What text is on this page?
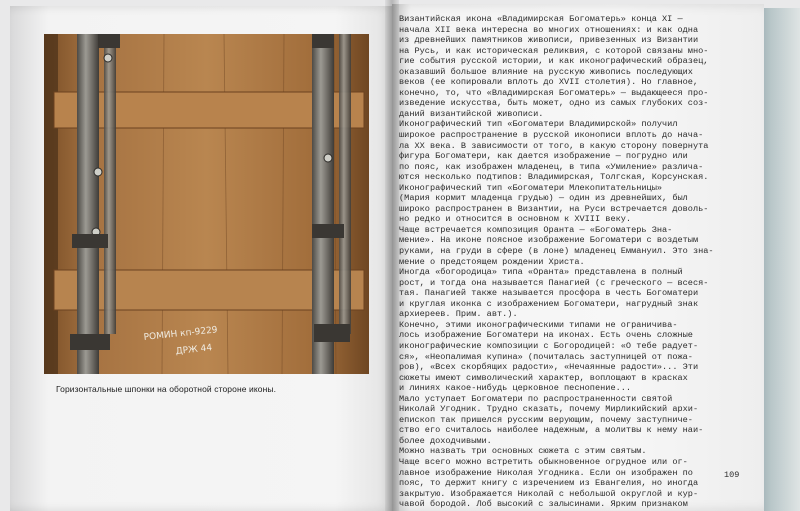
РОМИН кп-9229
ДРЖ 44
Горизонтальные шпонки на оборотной стороне иконы.
Византийская икона «Владимирская Богоматерь» конца XI —
начала XII века интересна во многих отношениях: и как одна
из древнейших памятников живописи, привезенных из Византии
на Русь, и как историческая реликвия, с которой связаны мно-
гие события русской истории, и как иконографический образец,
оказавший большое влияние на русскую живопись последующих
веков (ее копировали вплоть до XVII столетия). Но главное,
конечно, то, что «Владимирская Богоматерь» — выдающееся про-
изведение искусства, быть может, одно из самых глубоких соз-
даний византийской живописи.
Иконографический тип «Богоматери Владимирской» получил
широкое распространение в русской иконописи вплоть до нача-
ла XX века. В зависимости от того, в какую сторону повернута
фигура Богоматери, как дается изображение — погрудно или
по пояс, как изображен младенец, в типа «Умиление» различа-
ются несколько подтипов: Владимирская, Толгская, Корсунская.
Иконографический тип «Богоматери Млекопитательницы»
(Мария кормит младенца грудью) — один из древнейших, был
широко распространен в Византии, на Руси встречается доволь-
но редко и относится в основном к XVIII веку.
Чаще встречается композиция Оранта — «Богоматерь Зна-
мение». На иконе поясное изображение Богоматери с воздетым
руками, на груди в сфере (в лоне) младенец Еммануил. Это зна-
мение о предстоящем рождении Христа.
Иногда «богородица» типа «Оранта» представлена в полный
рост, и тогда она называется Панагией (с греческого — всеся-
тая. Панагией также называется просфора в честь Богоматери
и круглая иконка с изображением Богоматери, нагрудный знак
архиереев. Прим. авт.).
Конечно, этими иконографическими типами не ограничива-
лось изображение Богоматери на иконах. Есть очень сложные
иконографические композиции с Богородицей: «О тебе радует-
ся», «Неопалимая купина» (почиталась заступницей от пожа-
ров), «Всех скорбящих радости», «Нечаянные радости»... Эти
сюжеты имеют символический характер, воплощают в красках
и линиях какое-нибудь церковное песнопение...
Мало уступает Богоматери по распространенности святой
Николай Угодник. Трудно сказать, почему Мирликийский архи-
епископ так пришелся русским верующим, почему заступниче-
ство его считалось наиболее надежным, а молитвы к нему наи-
более доходчивыми.
Можно назвать три основных сюжета с этим святым.
Чаще всего можно встретить обыкновенное огрудное или ог-
лавное изображение Николая Угодника. Если он изображен по
пояс, то держит книгу с изречением из Евангелия, но иногда
закрытую. Изображается Николай с небольшой округлой и кур-
чавой бородой. Лоб высокий с залысинами. Ярким признаком
109
